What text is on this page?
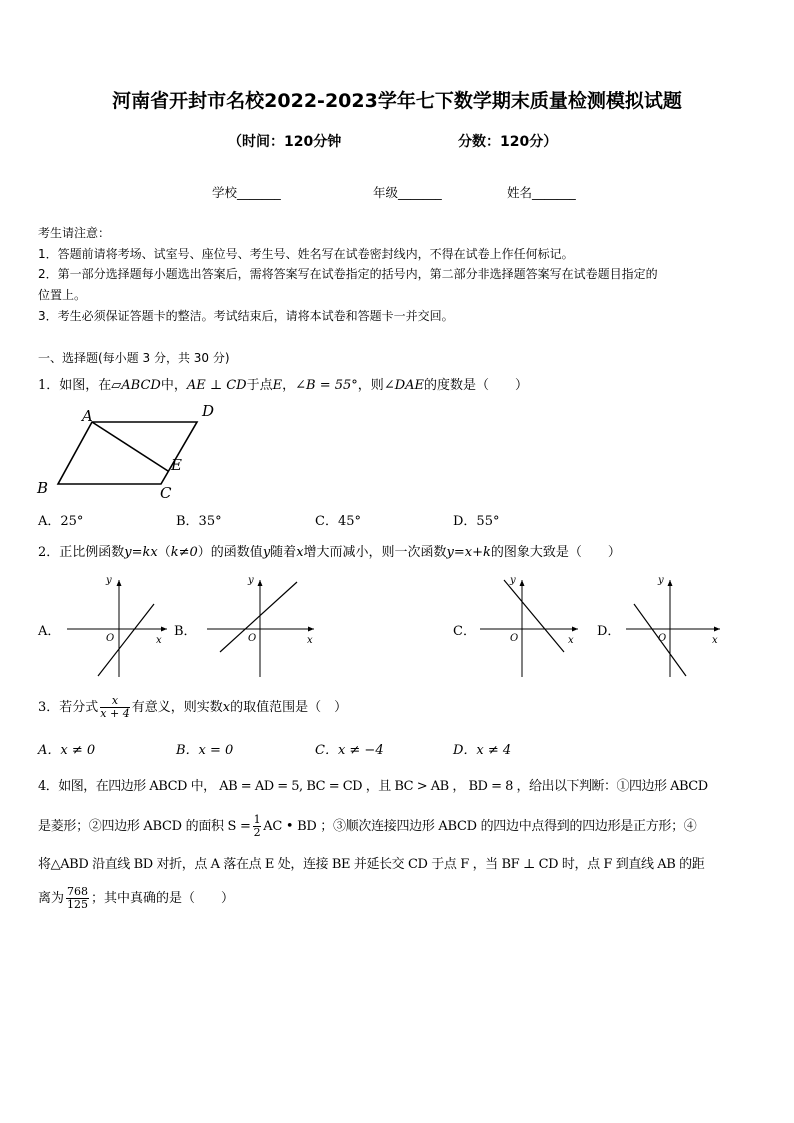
河南省开封市名校2022-2023学年七下数学期末质量检测模拟试题
（时间：120分钟	分数：120分）
学校_______	年级_______	姓名_______
考生请注意：
1．答题前请将考场、试室号、座位号、考生号、姓名写在试卷密封线内，不得在试卷上作任何标记。
2．第一部分选择题每小题选出答案后，需将答案写在试卷指定的括号内，第二部分非选择题答案写在试卷题目指定的
位置上。
3．考生必须保证答题卡的整洁。考试结束后，请将本试卷和答题卡一并交回。
一、选择题(每小题 3 分，共 30 分)
1．如图，在▱ABCD中，AE ⊥ CD于点E，∠B = 55°，则∠DAE的度数是（　　）
A	D
E
B	C
A．25°	B．35°	C．45°	D．55°
2．正比例函数y=kx（k≠0）的函数值y随着x增大而减小，则一次函数y=x+k的图象大致是（　　）
A．	B．	C．	D．
y
O	x
y
O	x
y
O	x
y
O	x
3．若分式 $\frac{x}{x + 4}$ 有意义，则实数x的取值范围是（　）
A．x ≠ 0	B．x = 0	C．x ≠ −4	D．x ≠ 4
4．如图，在四边形 ABCD 中， AB = AD = 5, BC = CD ，且 BC > AB ， BD = 8 ，给出以下判断：①四边形 ABCD
是菱形；②四边形 ABCD 的面积 $S = \frac{1}{2}$ AC • BD ；③顺次连接四边形 ABCD 的四边中点得到的四边形是正方形；④
将△ABD 沿直线 BD 对折，点 A 落在点 E 处，连接 BE 并延长交 CD 于点 F ，当 BF ⊥ CD 时，点 F 到直线 AB 的距
离为 $\frac{768}{125}$ ；其中真确的是（　　）
